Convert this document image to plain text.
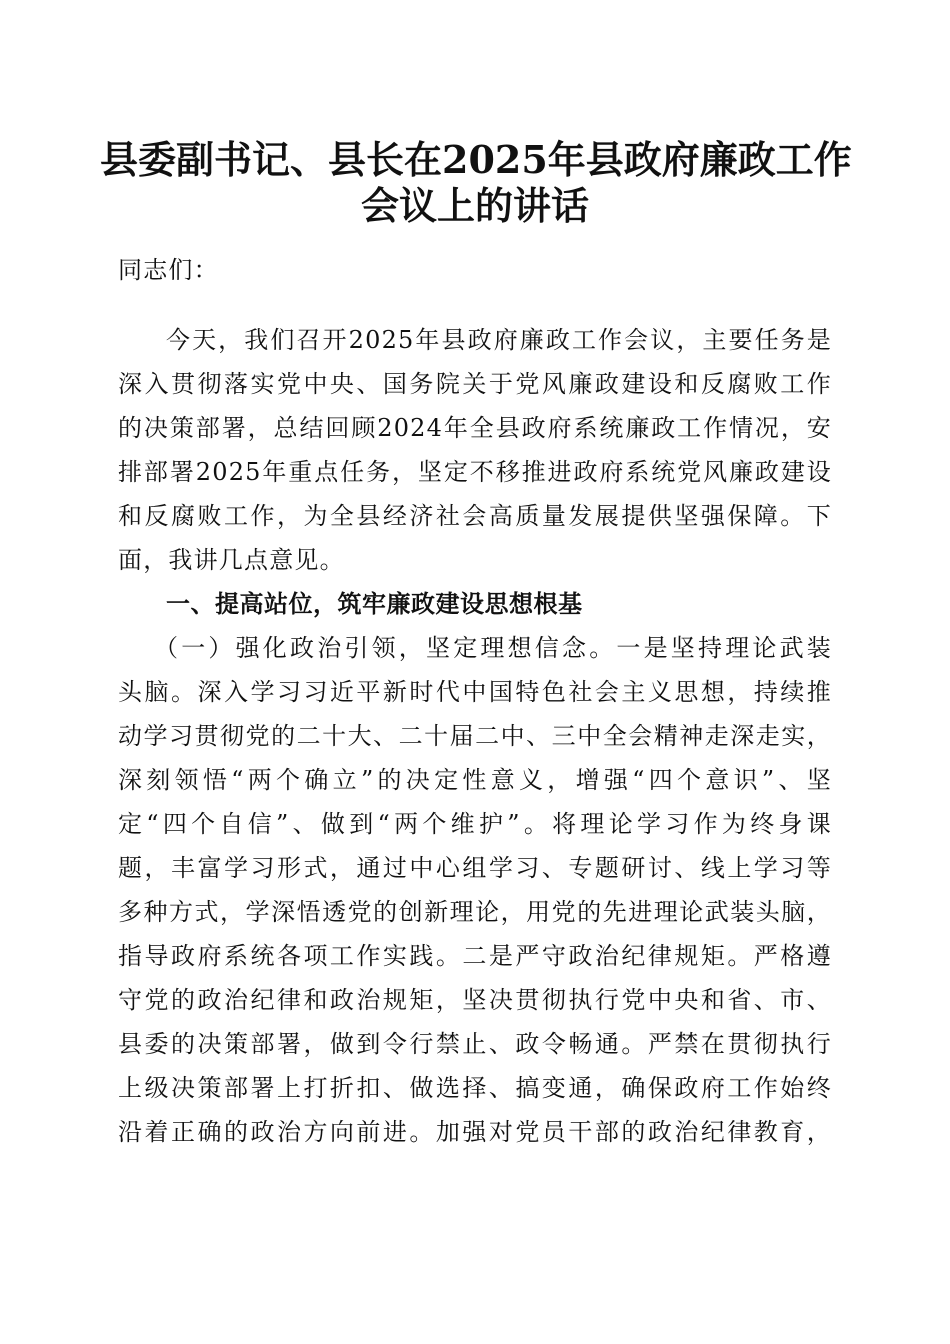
县委副书记、县长在2025年县政府廉政工作
会议上的讲话
同志们：
今天，我们召开2025年县政府廉政工作会议，主要任务是
深入贯彻落实党中央、国务院关于党风廉政建设和反腐败工作
的决策部署，总结回顾2024年全县政府系统廉政工作情况，安
排部署2025年重点任务，坚定不移推进政府系统党风廉政建设
和反腐败工作，为全县经济社会高质量发展提供坚强保障。下
面，我讲几点意见。
一、提高站位，筑牢廉政建设思想根基
（一）强化政治引领，坚定理想信念。一是坚持理论武装
头脑。深入学习习近平新时代中国特色社会主义思想，持续推
动学习贯彻党的二十大、二十届二中、三中全会精神走深走实，
深刻领悟“两个确立”的决定性意义，增强“四个意识”、坚
定“四个自信”、做到“两个维护”。将理论学习作为终身课
题，丰富学习形式，通过中心组学习、专题研讨、线上学习等
多种方式，学深悟透党的创新理论，用党的先进理论武装头脑，
指导政府系统各项工作实践。二是严守政治纪律规矩。严格遵
守党的政治纪律和政治规矩，坚决贯彻执行党中央和省、市、
县委的决策部署，做到令行禁止、政令畅通。严禁在贯彻执行
上级决策部署上打折扣、做选择、搞变通，确保政府工作始终
沿着正确的政治方向前进。加强对党员干部的政治纪律教育，
